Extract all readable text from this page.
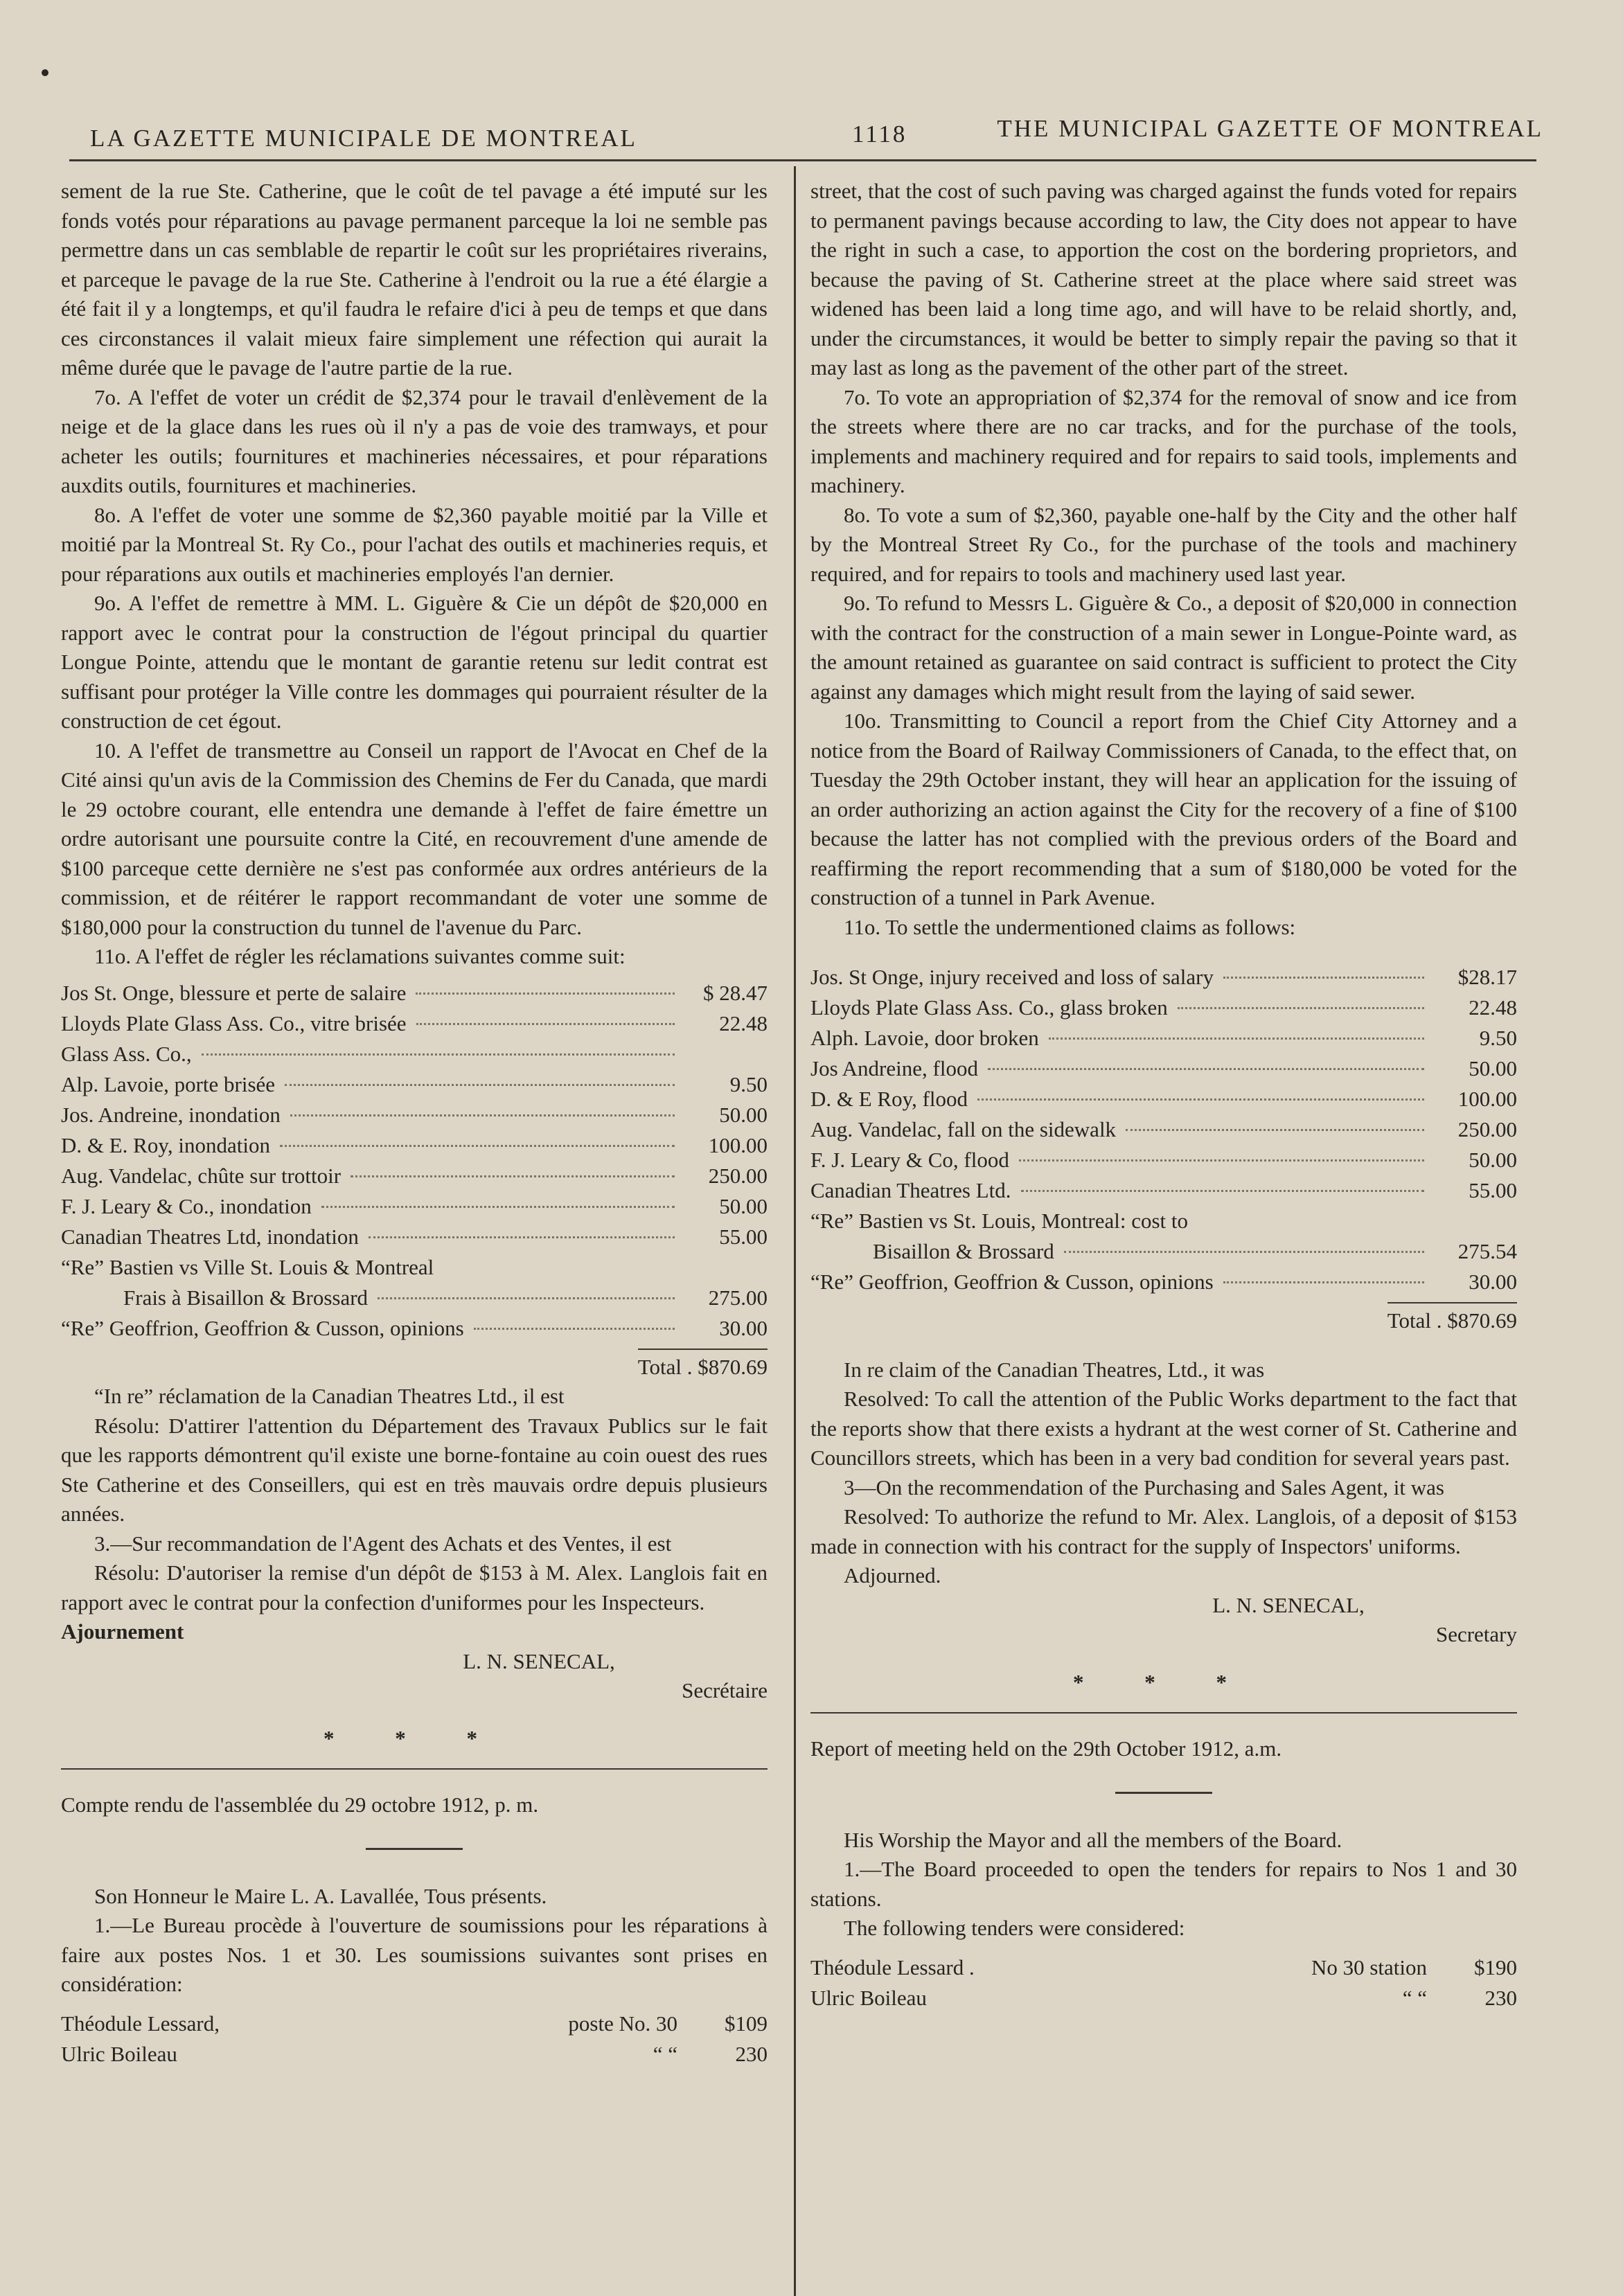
LA GAZETTE MUNICIPALE DE MONTREAL	1118	THE MUNICIPAL GAZETTE OF MONTREAL

sement de la rue Ste. Catherine, que le coût de tel pavage a été imputé sur les fonds votés pour réparations au pavage permanent parceque la loi ne semble pas permettre dans un cas semblable de repartir le coût sur les propriétaires riverains, et parceque le pavage de la rue Ste. Catherine à l'endroit ou la rue a été élargie a été fait il y a longtemps, et qu'il faudra le refaire d'ici à peu de temps et que dans ces circonstances il valait mieux faire simplement une réfection qui aurait la même durée que le pavage de l'autre partie de la rue.

7o. A l'effet de voter un crédit de $2,374 pour le travail d'enlèvement de la neige et de la glace dans les rues où il n'y a pas de voie des tramways, et pour acheter les outils; fournitures et machineries nécessaires, et pour réparations auxdits outils, fournitures et machineries.

8o. A l'effet de voter une somme de $2,360 payable moitié par la Ville et moitié par la Montreal St. Ry Co., pour l'achat des outils et machineries requis, et pour réparations aux outils et machineries employés l'an dernier.

9o. A l'effet de remettre à MM. L. Giguère & Cie un dépôt de $20,000 en rapport avec le contrat pour la construction de l'égout principal du quartier Longue Pointe, attendu que le montant de garantie retenu sur ledit contrat est suffisant pour protéger la Ville contre les dommages qui pourraient résulter de la construction de cet égout.

10. A l'effet de transmettre au Conseil un rapport de l'Avocat en Chef de la Cité ainsi qu'un avis de la Commission des Chemins de Fer du Canada, que mardi le 29 octobre courant, elle entendra une demande à l'effet de faire émettre un ordre autorisant une poursuite contre la Cité, en recouvrement d'une amende de $100 parceque cette dernière ne s'est pas conformée aux ordres antérieurs de la commission, et de réitérer le rapport recommandant de voter une somme de $180,000 pour la construction du tunnel de l'avenue du Parc.

11o. A l'effet de régler les réclamations suivantes comme suit:

Jos St. Onge, blessure et perte de salaire	$ 28.47
Lloyds Plate Glass Ass. Co., vitre brisée	22.48
Glass Ass. Co.,
Alp. Lavoie, porte brisée	9.50
Jos. Andreine, inondation	50.00
D. & E. Roy, inondation	100.00
Aug. Vandelac, chûte sur trottoir	250.00
F. J. Leary & Co., inondation	50.00
Canadian Theatres Ltd, inondation	55.00
“Re” Bastien vs Ville St. Louis & Montreal
Frais à Bisaillon & Brossard	275.00
“Re” Geoffrion, Geoffrion & Cusson, opinions	30.00
Total . $870.69

“In re” réclamation de la Canadian Theatres Ltd., il est

Résolu: D'attirer l'attention du Département des Travaux Publics sur le fait que les rapports démontrent qu'il existe une borne-fontaine au coin ouest des rues Ste Catherine et des Conseillers, qui est en très mauvais ordre depuis plusieurs années.

3.—Sur recommandation de l'Agent des Achats et des Ventes, il est

Résolu: D'autoriser la remise d'un dépôt de $153 à M. Alex. Langlois fait en rapport avec le contrat pour la confection d'uniformes pour les Inspecteurs.

Ajournement

L. N. SENECAL,

Secrétaire

* * *

Compte rendu de l'assemblée du 29 octobre 1912, p. m.

Son Honneur le Maire L. A. Lavallée, Tous présents.

1.—Le Bureau procède à l'ouverture de soumissions pour les réparations à faire aux postes Nos. 1 et 30. Les soumissions suivantes sont prises en considération:

Théodule Lessard,	poste No. 30	$109
Ulric Boileau	“ “	230

street, that the cost of such paving was charged against the funds voted for repairs to permanent pavings because according to law, the City does not appear to have the right in such a case, to apportion the cost on the bordering proprietors, and because the paving of St. Catherine street at the place where said street was widened has been laid a long time ago, and will have to be relaid shortly, and, under the circumstances, it would be better to simply repair the paving so that it may last as long as the pavement of the other part of the street.

7o. To vote an appropriation of $2,374 for the removal of snow and ice from the streets where there are no car tracks, and for the purchase of the tools, implements and machinery required and for repairs to said tools, implements and machinery.

8o. To vote a sum of $2,360, payable one-half by the City and the other half by the Montreal Street Ry Co., for the purchase of the tools and machinery required, and for repairs to tools and machinery used last year.

9o. To refund to Messrs L. Giguère & Co., a deposit of $20,000 in connection with the contract for the construction of a main sewer in Longue-Pointe ward, as the amount retained as guarantee on said contract is sufficient to protect the City against any damages which might result from the laying of said sewer.

10o. Transmitting to Council a report from the Chief City Attorney and a notice from the Board of Railway Commissioners of Canada, to the effect that, on Tuesday the 29th October instant, they will hear an application for the issuing of an order authorizing an action against the City for the recovery of a fine of $100 because the latter has not complied with the previous orders of the Board and reaffirming the report recommending that a sum of $180,000 be voted for the construction of a tunnel in Park Avenue.

11o. To settle the undermentioned claims as follows:

Jos. St Onge, injury received and loss of salary	$28.17
Lloyds Plate Glass Ass. Co., glass broken	22.48
Alph. Lavoie, door broken	9.50
Jos Andreine, flood	50.00
D. & E Roy, flood	100.00
Aug. Vandelac, fall on the sidewalk	250.00
F. J. Leary & Co, flood	50.00
Canadian Theatres Ltd.	55.00
“Re” Bastien vs St. Louis, Montreal: cost to
Bisaillon & Brossard	275.54
“Re” Geoffrion, Geoffrion & Cusson, opinions	30.00
Total . $870.69

In re claim of the Canadian Theatres, Ltd., it was

Resolved: To call the attention of the Public Works department to the fact that the reports show that there exists a hydrant at the west corner of St. Catherine and Councillors streets, which has been in a very bad condition for several years past.

3—On the recommendation of the Purchasing and Sales Agent, it was

Resolved: To authorize the refund to Mr. Alex. Langlois, of a deposit of $153 made in connection with his contract for the supply of Inspectors' uniforms.

Adjourned.

L. N. SENECAL,

Secretary

* * *

Report of meeting held on the 29th October 1912, a.m.

His Worship the Mayor and all the members of the Board.

1.—The Board proceeded to open the tenders for repairs to Nos 1 and 30 stations.

The following tenders were considered:

Théodule Lessard .	No 30 station	$190
Ulric Boileau	“ “	230
